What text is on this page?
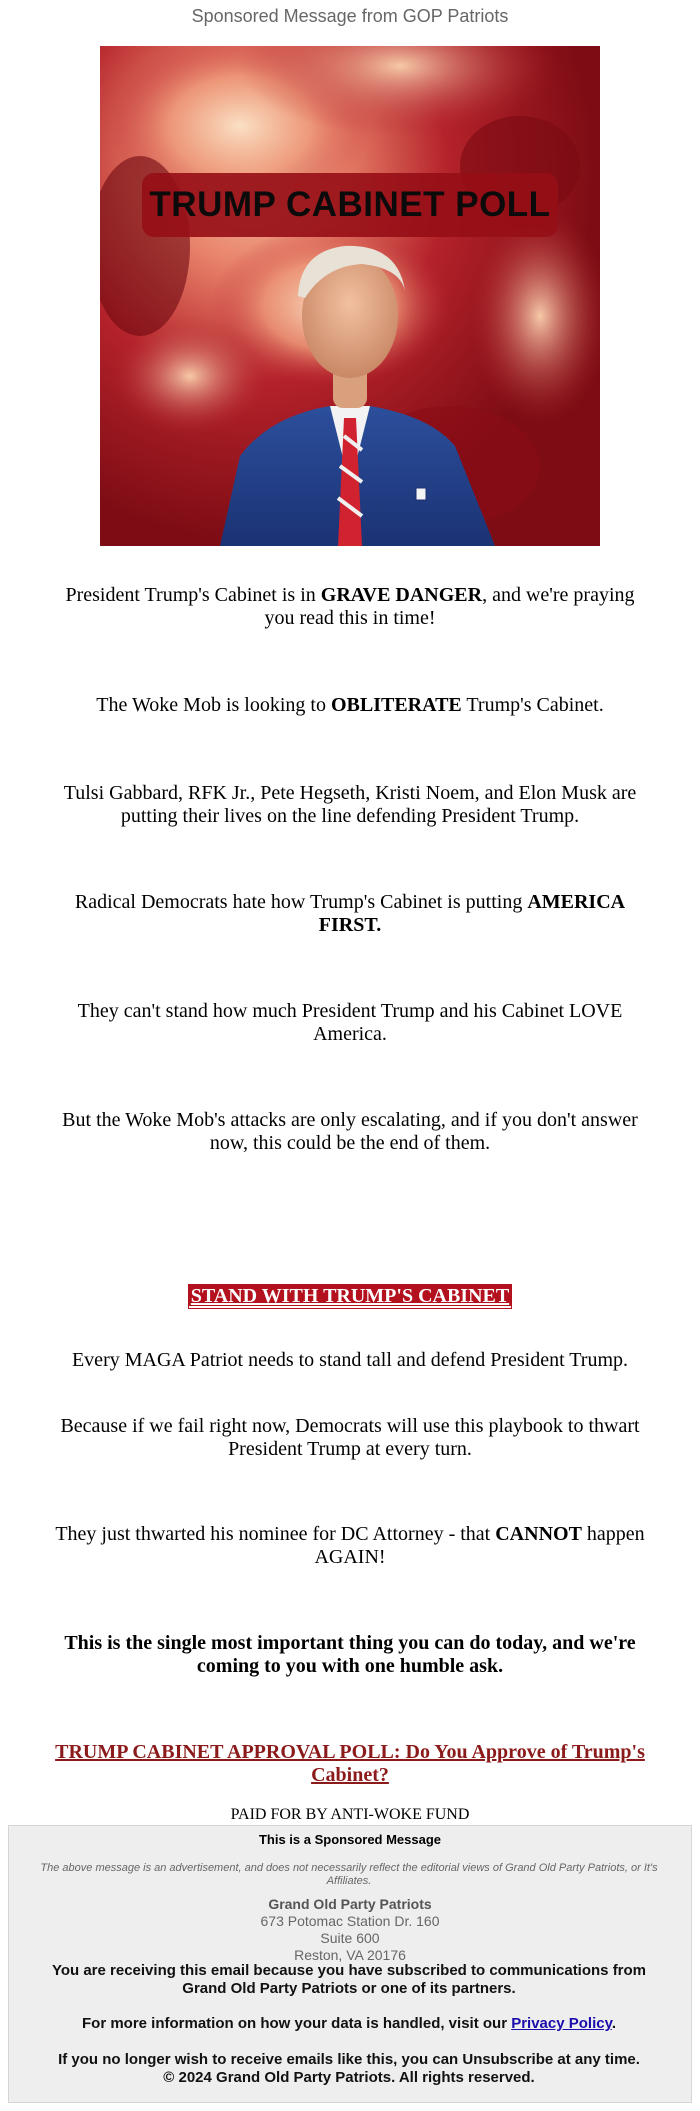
Sponsored Message from GOP Patriots
TRUMP CABINET POLL

President Trump's Cabinet is in GRAVE DANGER, and we're praying you read this in time!

The Woke Mob is looking to OBLITERATE Trump's Cabinet.

Tulsi Gabbard, RFK Jr., Pete Hegseth, Kristi Noem, and Elon Musk are putting their lives on the line defending President Trump.

Radical Democrats hate how Trump's Cabinet is putting AMERICA FIRST.

They can't stand how much President Trump and his Cabinet LOVE America.

But the Woke Mob's attacks are only escalating, and if you don't answer now, this could be the end of them.

STAND WITH TRUMP'S CABINET

Every MAGA Patriot needs to stand tall and defend President Trump.

Because if we fail right now, Democrats will use this playbook to thwart President Trump at every turn.

They just thwarted his nominee for DC Attorney - that CANNOT happen AGAIN!

This is the single most important thing you can do today, and we're coming to you with one humble ask.

TRUMP CABINET APPROVAL POLL: Do You Approve of Trump's Cabinet?
PAID FOR BY ANTI-WOKE FUND
This is a Sponsored Message
The above message is an advertisement, and does not necessarily reflect the editorial views of Grand Old Party Patriots, or It's Affiliates.
Grand Old Party Patriots
673 Potomac Station Dr. 160
Suite 600
Reston, VA 20176
You are receiving this email because you have subscribed to communications from Grand Old Party Patriots or one of its partners.
For more information on how your data is handled, visit our Privacy Policy.
If you no longer wish to receive emails like this, you can Unsubscribe at any time.
© 2024 Grand Old Party Patriots. All rights reserved.
